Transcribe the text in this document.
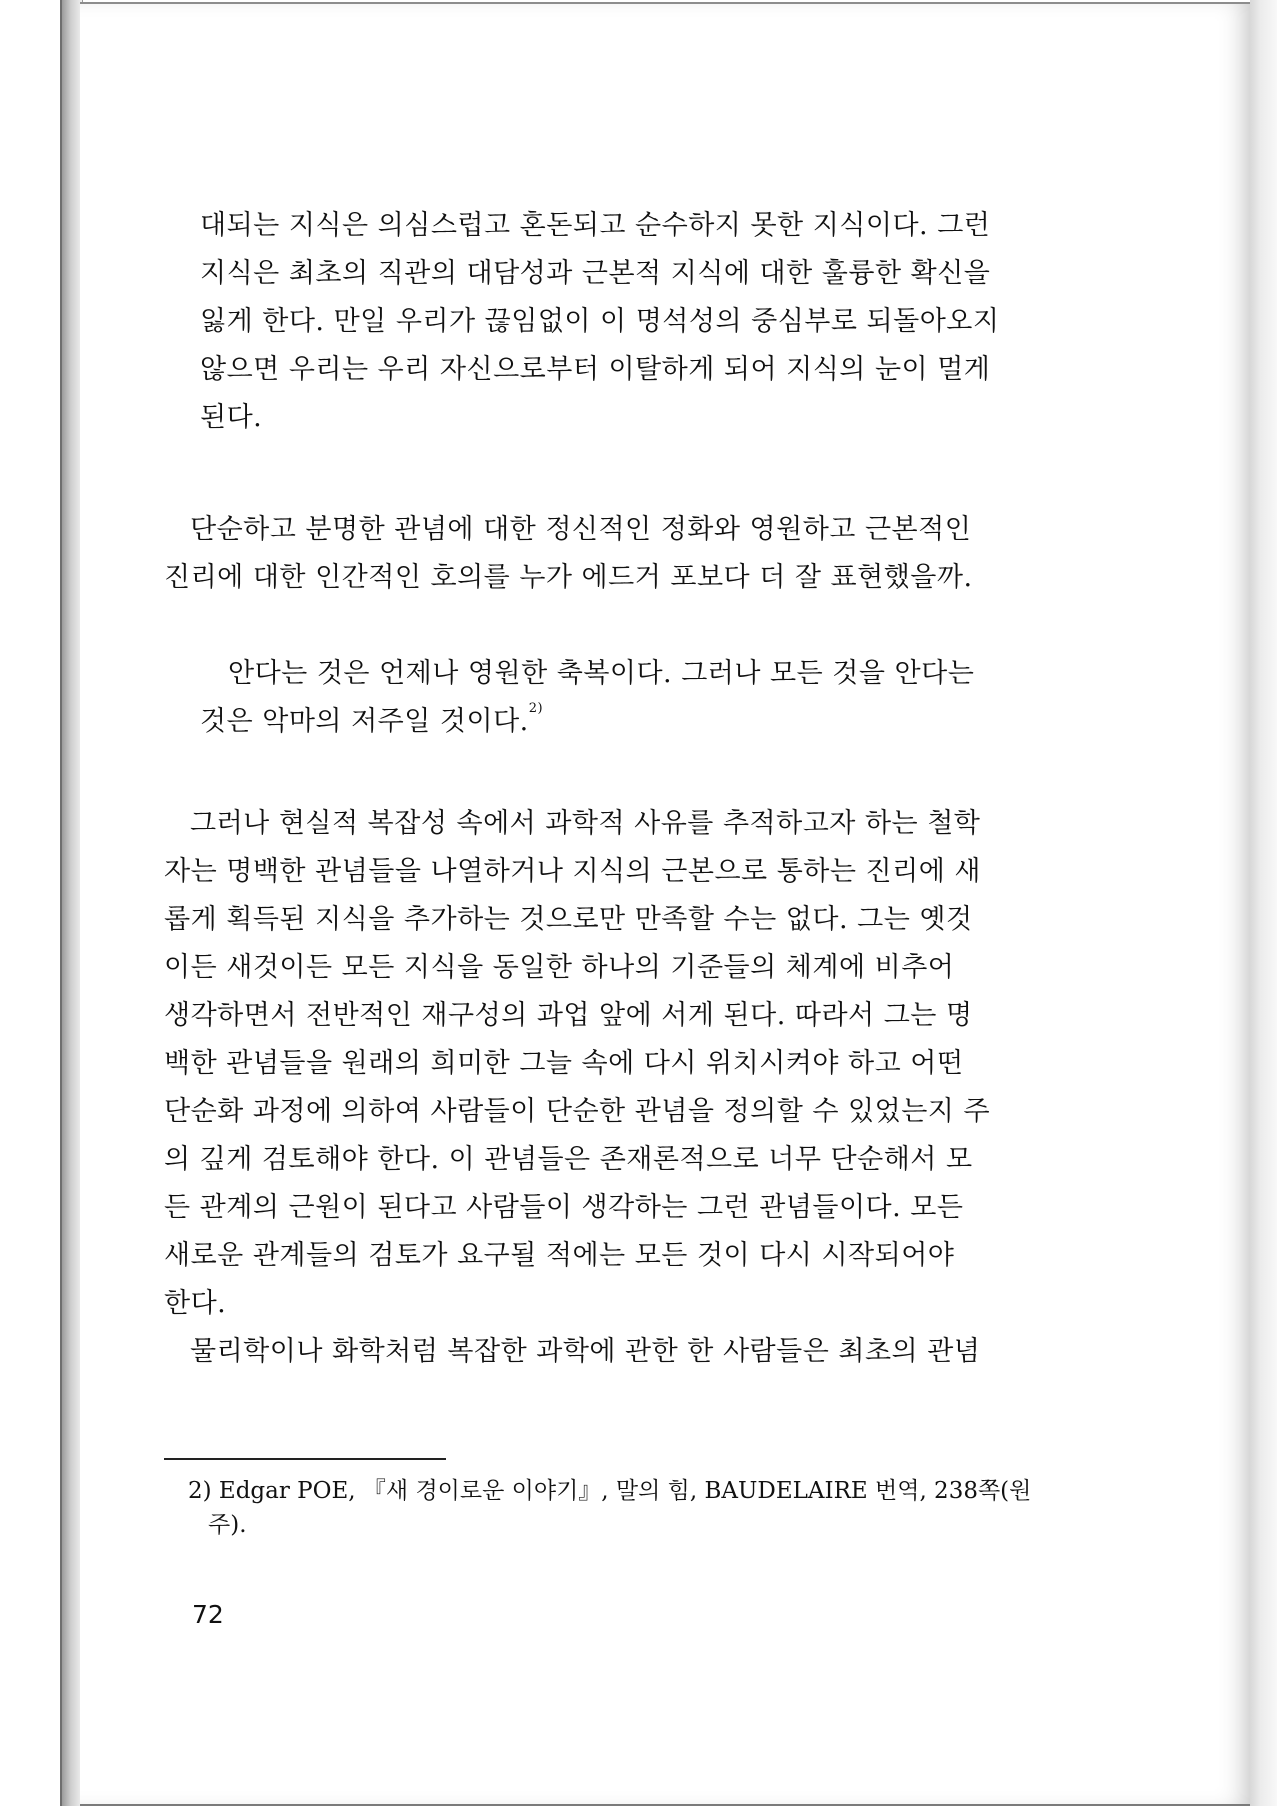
대되는 지식은 의심스럽고 혼돈되고 순수하지 못한 지식이다. 그런
지식은 최초의 직관의 대담성과 근본적 지식에 대한 훌륭한 확신을
잃게 한다. 만일 우리가 끊임없이 이 명석성의 중심부로 되돌아오지
않으면 우리는 우리 자신으로부터 이탈하게 되어 지식의 눈이 멀게
된다.
단순하고 분명한 관념에 대한 정신적인 정화와 영원하고 근본적인
진리에 대한 인간적인 호의를 누가 에드거 포보다 더 잘 표현했을까.
안다는 것은 언제나 영원한 축복이다. 그러나 모든 것을 안다는
것은 악마의 저주일 것이다.$^{2)}$
그러나 현실적 복잡성 속에서 과학적 사유를 추적하고자 하는 철학
자는 명백한 관념들을 나열하거나 지식의 근본으로 통하는 진리에 새
롭게 획득된 지식을 추가하는 것으로만 만족할 수는 없다. 그는 옛것
이든 새것이든 모든 지식을 동일한 하나의 기준들의 체계에 비추어
생각하면서 전반적인 재구성의 과업 앞에 서게 된다. 따라서 그는 명
백한 관념들을 원래의 희미한 그늘 속에 다시 위치시켜야 하고 어떤
단순화 과정에 의하여 사람들이 단순한 관념을 정의할 수 있었는지 주
의 깊게 검토해야 한다. 이 관념들은 존재론적으로 너무 단순해서 모
든 관계의 근원이 된다고 사람들이 생각하는 그런 관념들이다. 모든
새로운 관계들의 검토가 요구될 적에는 모든 것이 다시 시작되어야
한다.
물리학이나 화학처럼 복잡한 과학에 관한 한 사람들은 최초의 관념
2) Edgar POE, 『새 경이로운 이야기』, 말의 힘, BAUDELAIRE 번역, 238쪽(원
주).
72
